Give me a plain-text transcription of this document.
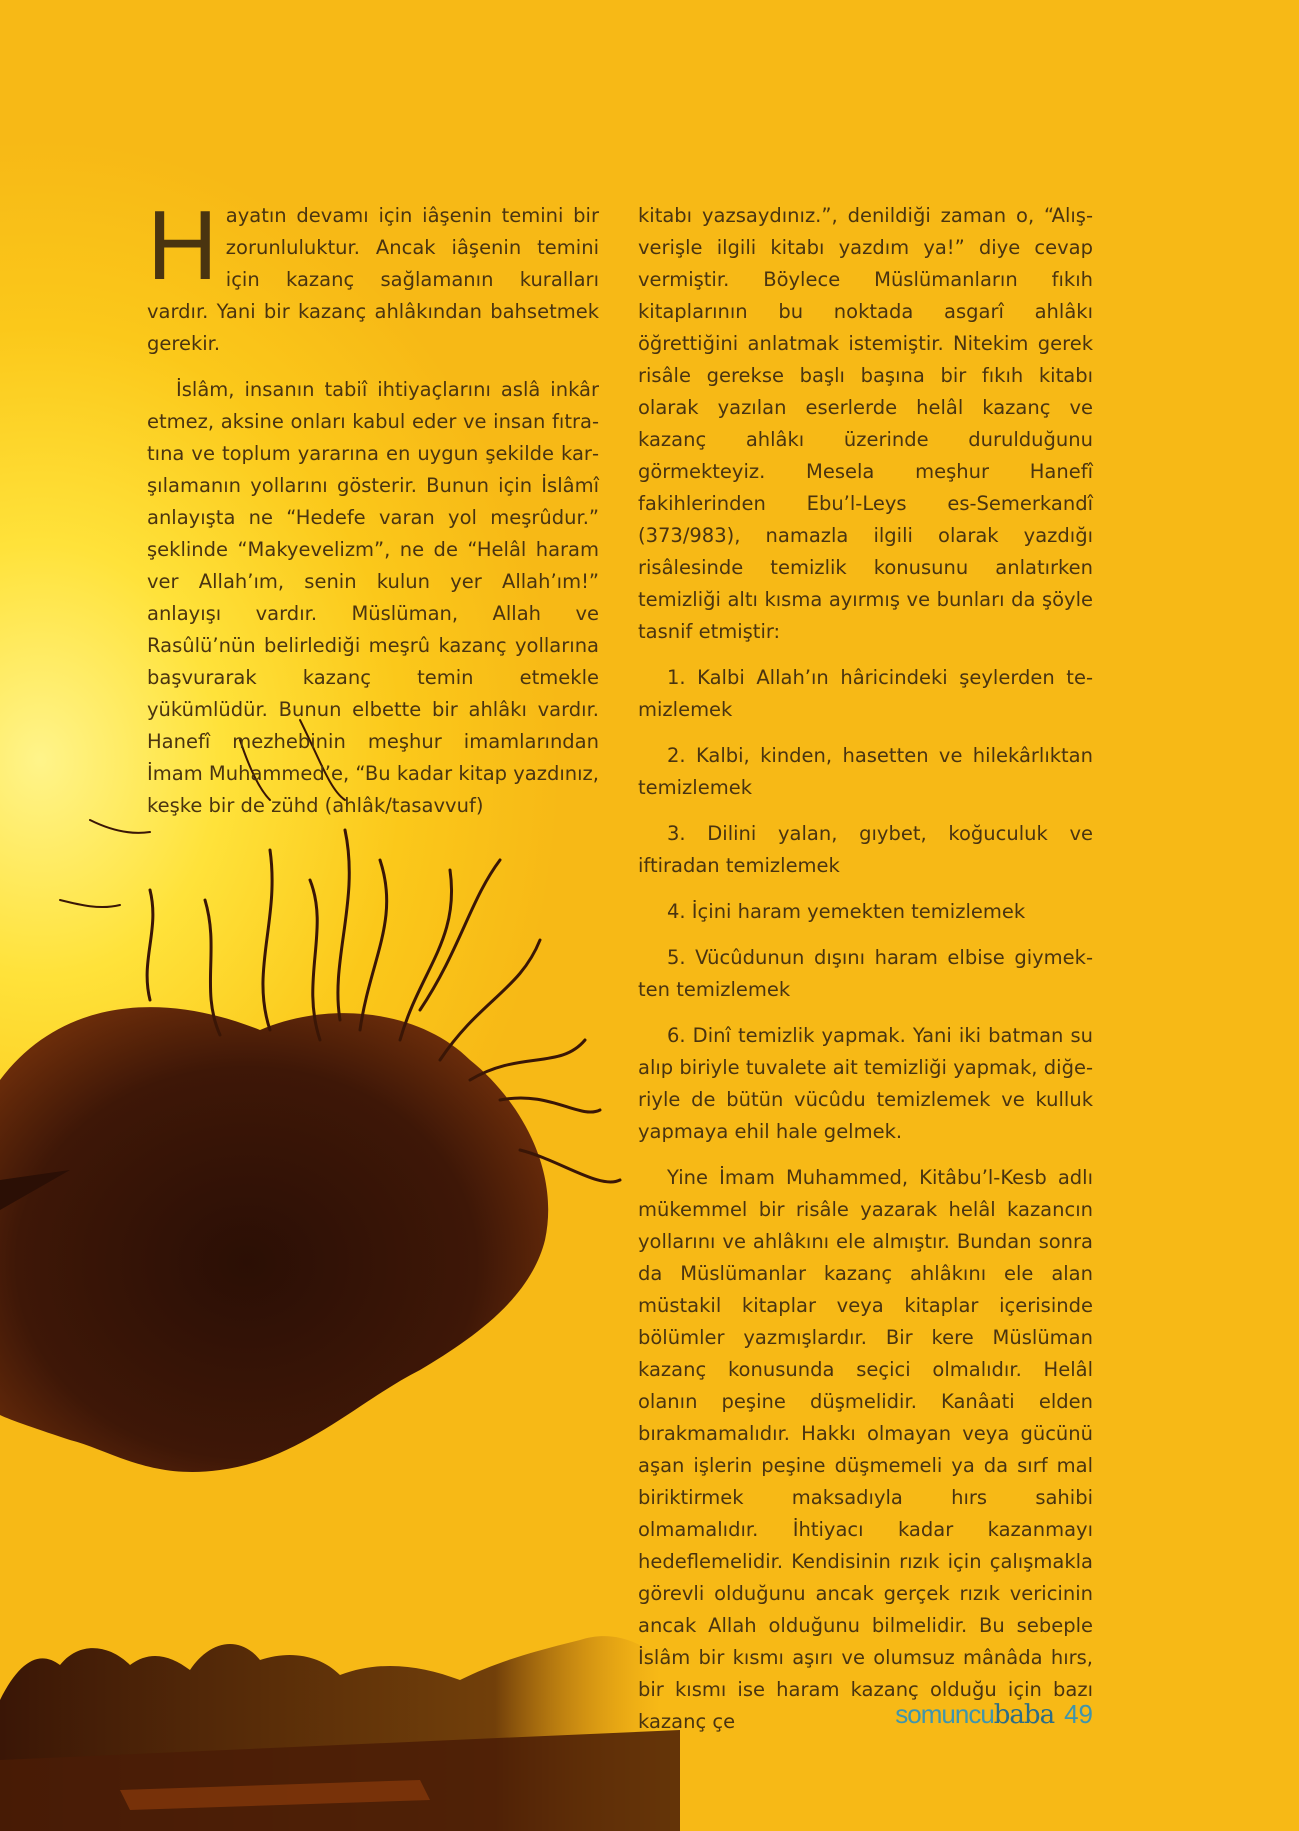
Hayatın devamı için iâşenin temini bir zorunluluktur. Ancak iâşenin temini için kazanç sağlamanın kuralları vardır. Yani bir kazanç ahlâkından bahsetmek gerekir.

İslâm, insanın tabiî ihtiyaçlarını aslâ inkâr etmez, aksine onları kabul eder ve insan fıtratına ve toplum yararına en uygun şekilde karşılamanın yollarını gösterir. Bunun için İslâmî anlayışta ne “Hedefe varan yol meşrûdur.” şeklinde “Makyevelizm”, ne de “Helâl haram ver Allah’ım, senin kulun yer Allah’ım!” anlayışı vardır. Müslüman, Allah ve Rasûlü’nün belirlediği meşrû kazanç yollarına başvurarak kazanç temin etmekle yükümlüdür. Bunun elbette bir ahlâkı vardır. Hanefî mezhebinin meşhur imamlarından İmam Muhammed’e, “Bu kadar kitap yazdınız, keşke bir de zühd (ahlâk/tasavvuf)

kitabı yazsaydınız.”, denildiği zaman o, “Alış-verişle ilgili kitabı yazdım ya!” diye cevap vermiştir. Böylece Müslümanların fıkıh kitaplarının bu noktada asgarî ahlâkı öğrettiğini anlatmak istemiştir. Nitekim gerek risâle gerekse başlı başına bir fıkıh kitabı olarak yazılan eserlerde helâl kazanç ve kazanç ahlâkı üzerinde durulduğunu görmekteyiz. Mesela meşhur Hanefî fakihlerinden Ebu’l-Leys es-Semerkandî (373/983), namazla ilgili olarak yazdığı risâlesinde temizlik konusunu anlatırken temizliği altı kısma ayırmış ve bunları da şöyle tasnif etmiştir:

1. Kalbi Allah’ın hâricindeki şeylerden temizlemek

2. Kalbi, kinden, hasetten ve hilekârlıktan temizlemek

3. Dilini yalan, gıybet, koğuculuk ve iftiradan temizlemek

4. İçini haram yemekten temizlemek

5. Vücûdunun dışını haram elbise giymekten temizlemek

6. Dinî temizlik yapmak. Yani iki batman su alıp biriyle tuvalete ait temizliği yapmak, diğeriyle de bütün vücûdu temizlemek ve kulluk yapmaya ehil hale gelmek.

Yine İmam Muhammed, Kitâbu’l-Kesb adlı mükemmel bir risâle yazarak helâl kazancın yollarını ve ahlâkını ele almıştır. Bundan sonra da Müslümanlar kazanç ahlâkını ele alan müstakil kitaplar veya kitaplar içerisinde bölümler yazmışlardır. Bir kere Müslüman kazanç konusunda seçici olmalıdır. Helâl olanın peşine düşmelidir. Kanâati elden bırakmamalıdır. Hakkı olmayan veya gücünü aşan işlerin peşine düşmemeli ya da sırf mal biriktirmek maksadıyla hırs sahibi olmamalıdır. İhtiyacı kadar kazanmayı hedeflemelidir. Kendisinin rızık için çalışmakla görevli olduğunu ancak gerçek rızık vericinin ancak Allah olduğunu bilmelidir. Bu sebeple İslâm bir kısmı aşırı ve olumsuz mânâda hırs, bir kısmı ise haram kazanç olduğu için bazı kazanç çe	somuncubaba 49
